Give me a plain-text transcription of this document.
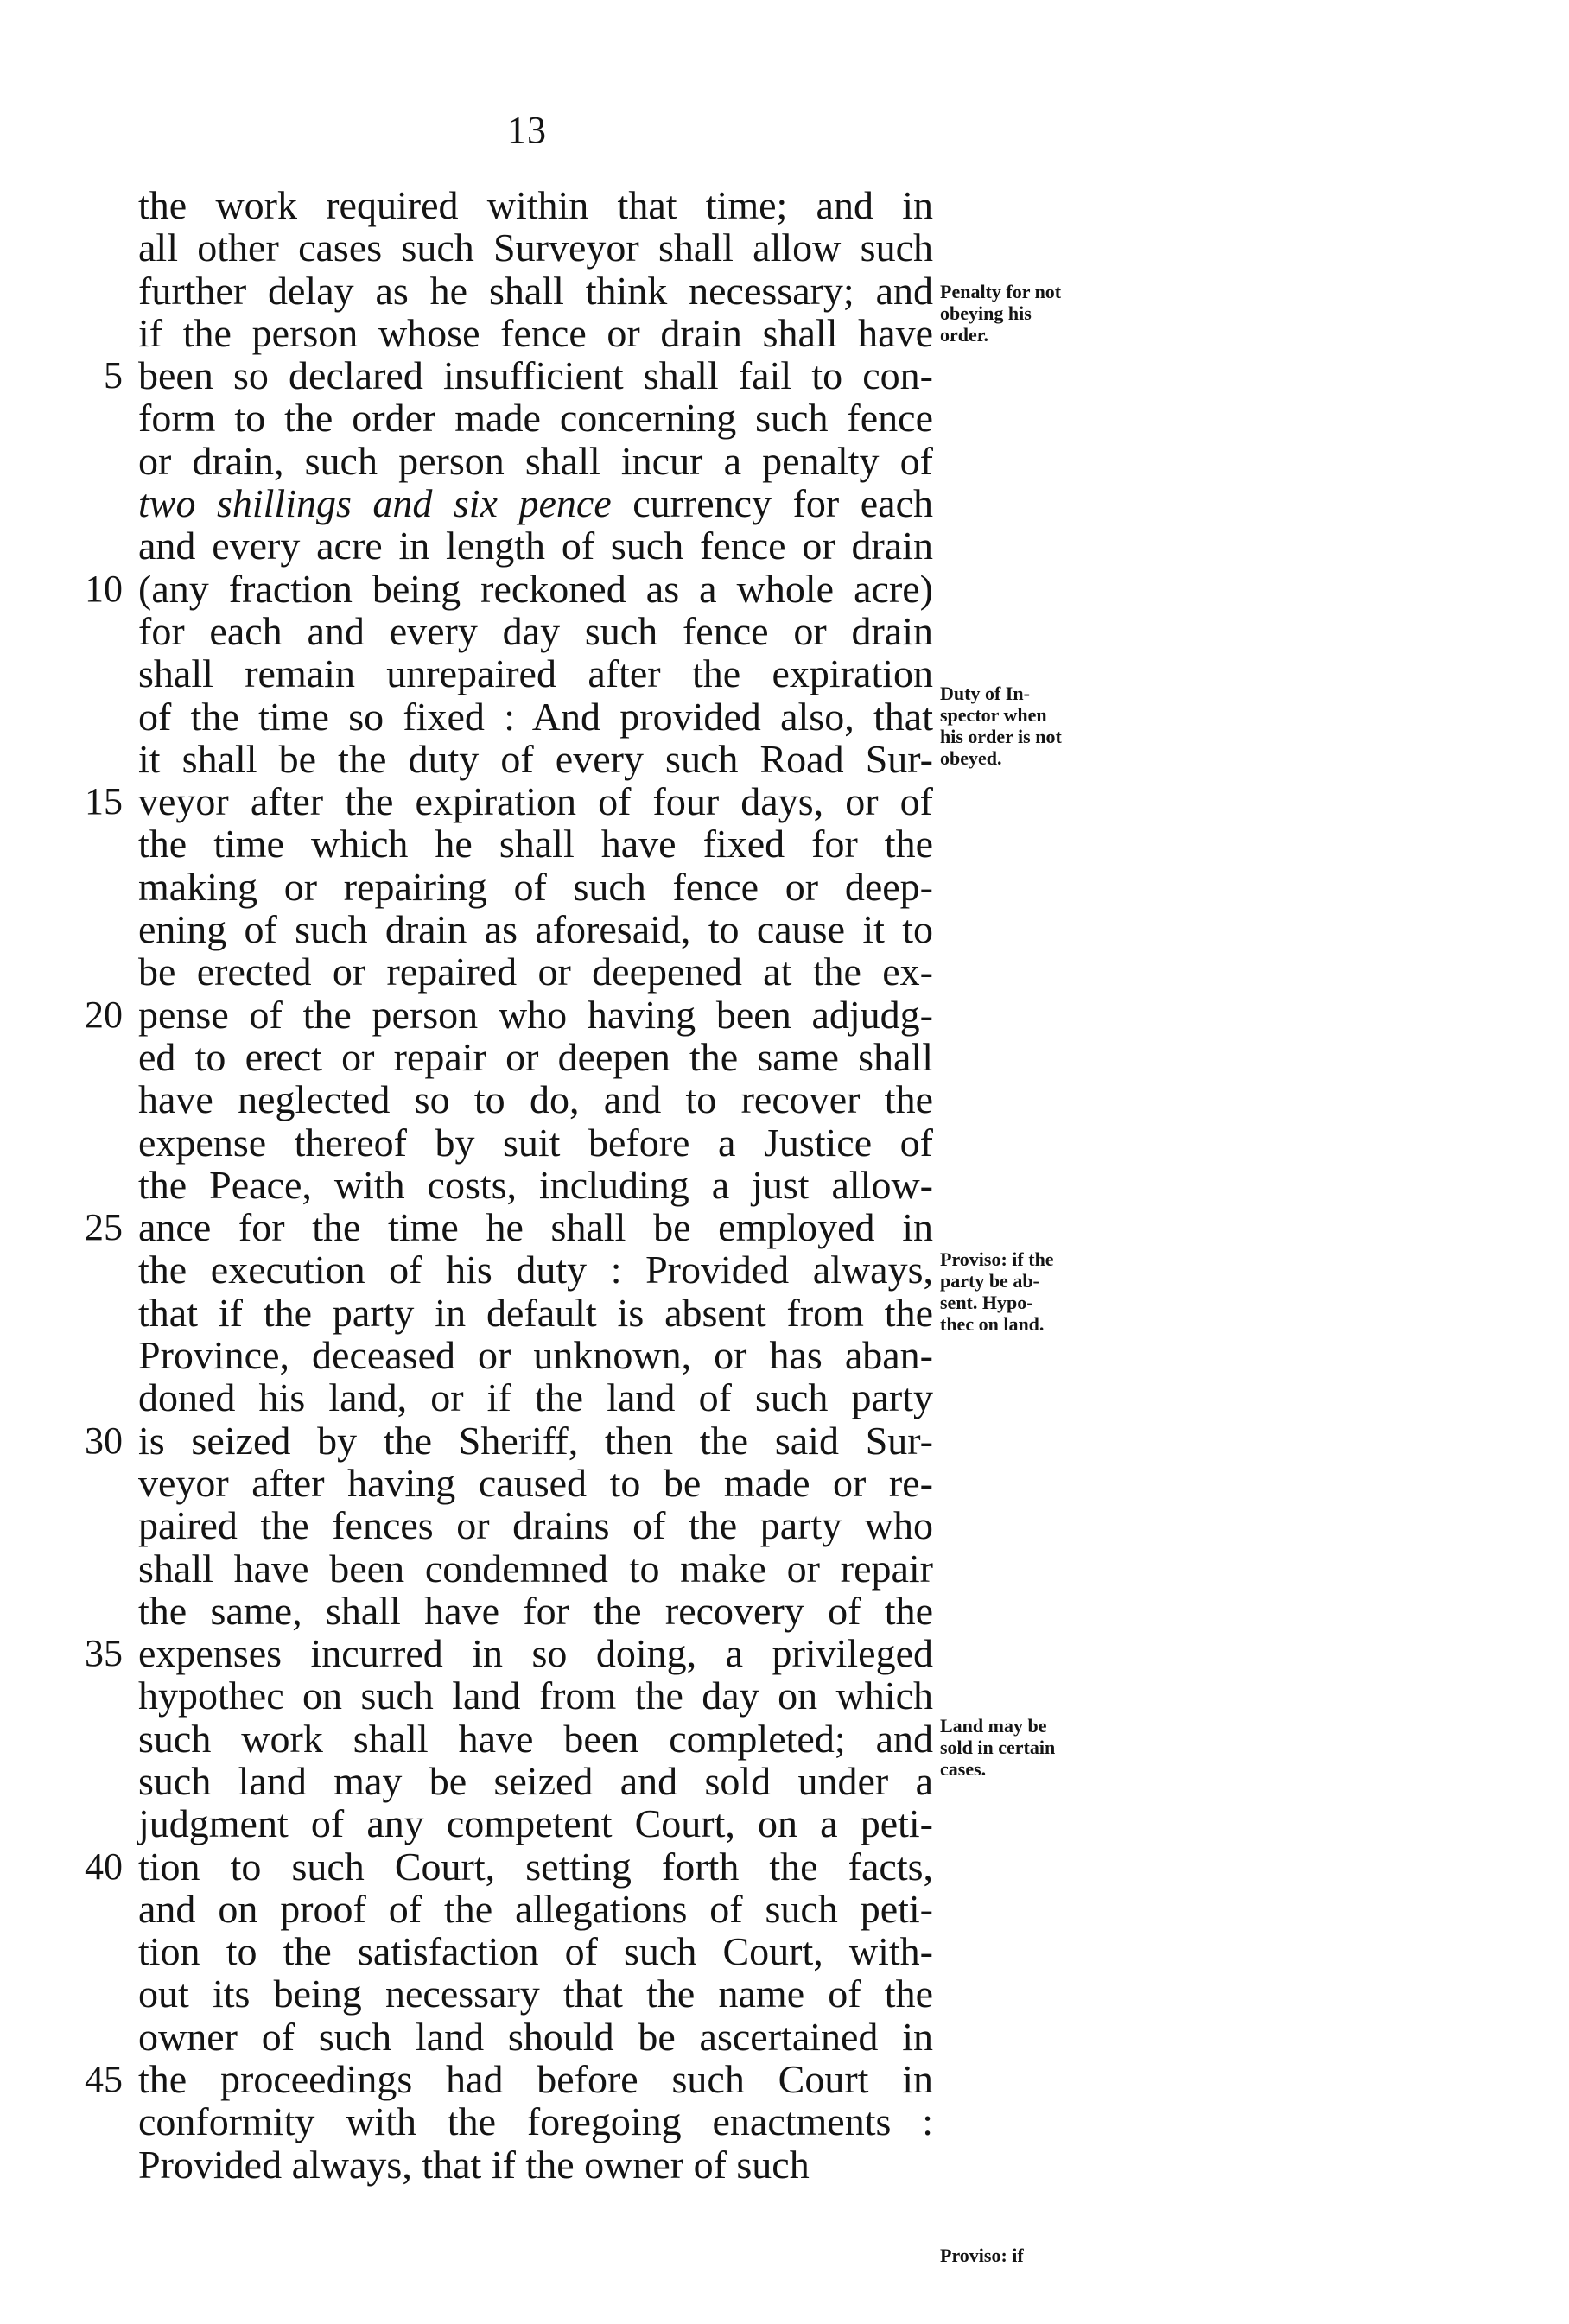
13
the work required within that time; and in
all other cases such Surveyor shall allow such
further delay as he shall think necessary; and
if the person whose fence or drain shall have
5 been so declared insufficient shall fail to con-
form to the order made concerning such fence
or drain, such person shall incur a penalty of
two shillings and six pence currency for each
and every acre in length of such fence or drain
10 (any fraction being reckoned as a whole acre)
for each and every day such fence or drain
shall remain unrepaired after the expiration
of the time so fixed : And provided also, that
it shall be the duty of every such Road Sur-
15 veyor after the expiration of four days, or of
the time which he shall have fixed for the
making or repairing of such fence or deep-
ening of such drain as aforesaid, to cause it to
be erected or repaired or deepened at the ex-
20 pense of the person who having been adjudg-
ed to erect or repair or deepen the same shall
have neglected so to do, and to recover the
expense thereof by suit before a Justice of
the Peace, with costs, including a just allow-
25 ance for the time he shall be employed in
the execution of his duty : Provided always,
that if the party in default is absent from the
Province, deceased or unknown, or has aban-
doned his land, or if the land of such party
30 is seized by the Sheriff, then the said Sur-
veyor after having caused to be made or re-
paired the fences or drains of the party who
shall have been condemned to make or repair
the same, shall have for the recovery of the
35 expenses incurred in so doing, a privileged
hypothec on such land from the day on which
such work shall have been completed; and
such land may be seized and sold under a
judgment of any competent Court, on a peti-
40 tion to such Court, setting forth the facts,
and on proof of the allegations of such peti-
tion to the satisfaction of such Court, with-
out its being necessary that the name of the
owner of such land should be ascertained in
45 the proceedings had before such Court in
conformity with the foregoing enactments :
Provided always, that if the owner of such
Penalty for not
obeying his
order.
Duty of In-
spector when
his order is not
obeyed.
Proviso: if the
party be ab-
sent. Hypo-
thec on land.
Land may be
sold in certain
cases.
Proviso: if
